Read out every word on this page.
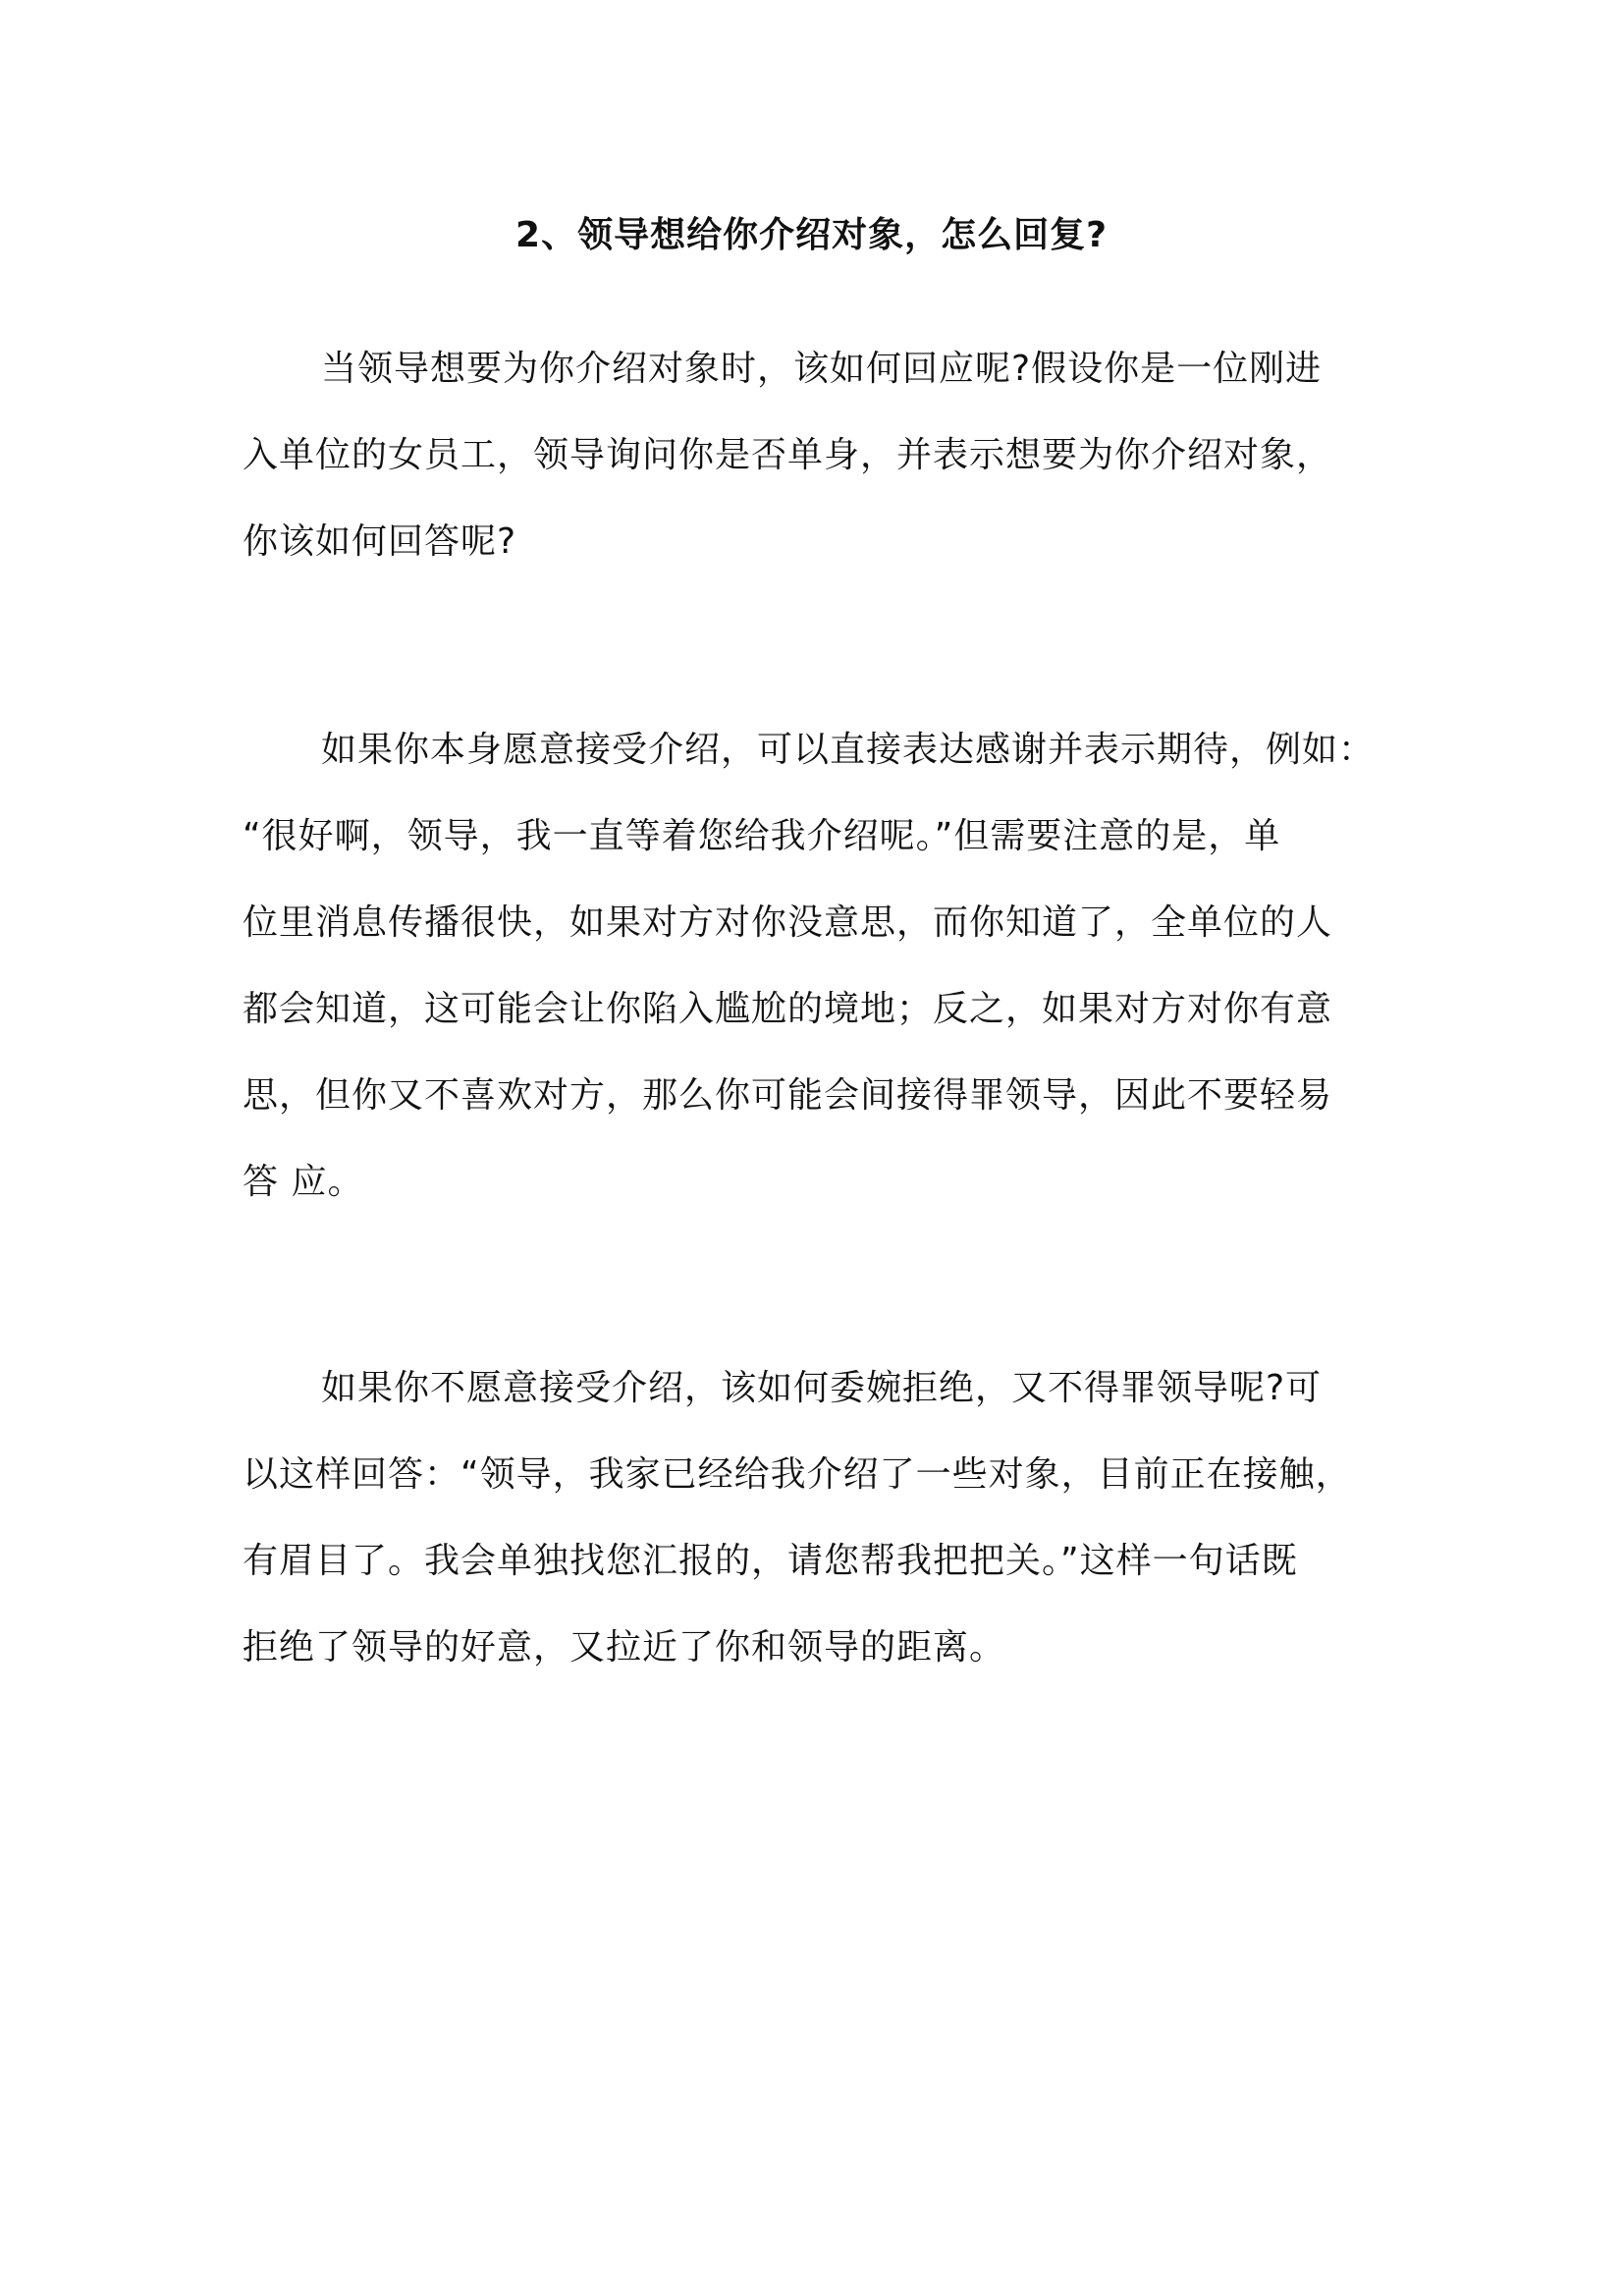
2、领导想给你介绍对象，怎么回复?
当领导想要为你介绍对象时，该如何回应呢?假设你是一位刚进
入单位的女员工，领导询问你是否单身，并表示想要为你介绍对象，
你该如何回答呢?
如果你本身愿意接受介绍，可以直接表达感谢并表示期待，例如：
“很好啊，领导，我一直等着您给我介绍呢。”但需要注意的是，单
位里消息传播很快，如果对方对你没意思，而你知道了，全单位的人
都会知道，这可能会让你陷入尴尬的境地；反之，如果对方对你有意
思，但你又不喜欢对方，那么你可能会间接得罪领导，因此不要轻易
答 应。
如果你不愿意接受介绍，该如何委婉拒绝，又不得罪领导呢?可
以这样回答：“领导，我家已经给我介绍了一些对象，目前正在接触，
有眉目了。我会单独找您汇报的，请您帮我把把关。”这样一句话既
拒绝了领导的好意，又拉近了你和领导的距离。
